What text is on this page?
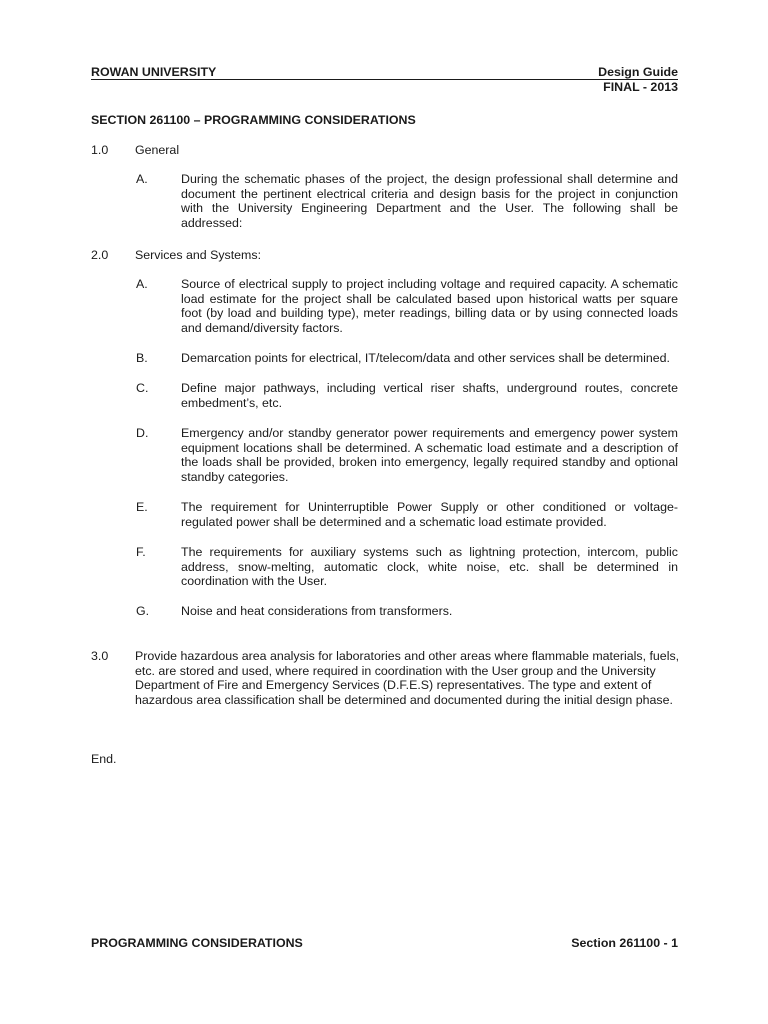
ROWAN UNIVERSITY	Design Guide
FINAL - 2013
SECTION 261100 – PROGRAMMING CONSIDERATIONS
1.0 General
A.	During the schematic phases of the project, the design professional shall determine and document the pertinent electrical criteria and design basis for the project in conjunction with the University Engineering Department and the User. The following shall be addressed:
2.0 Services and Systems:
A.	Source of electrical supply to project including voltage and required capacity. A schematic load estimate for the project shall be calculated based upon historical watts per square foot (by load and building type), meter readings, billing data or by using connected loads and demand/diversity factors.
B.	Demarcation points for electrical, IT/telecom/data and other services shall be determined.
C.	Define major pathways, including vertical riser shafts, underground routes, concrete embedment’s, etc.
D.	Emergency and/or standby generator power requirements and emergency power system equipment locations shall be determined. A schematic load estimate and a description of the loads shall be provided, broken into emergency, legally required standby and optional standby categories.
E.	The requirement for Uninterruptible Power Supply or other conditioned or voltage-regulated power shall be determined and a schematic load estimate provided.
F.	The requirements for auxiliary systems such as lightning protection, intercom, public address, snow-melting, automatic clock, white noise, etc. shall be determined in coordination with the User.
G.	Noise and heat considerations from transformers.
3.0 Provide hazardous area analysis for laboratories and other areas where flammable materials, fuels, etc. are stored and used, where required in coordination with the User group and the University Department of Fire and Emergency Services (D.F.E.S) representatives. The type and extent of hazardous area classification shall be determined and documented during the initial design phase.
End.
PROGRAMMING CONSIDERATIONS	Section 261100 - 1
